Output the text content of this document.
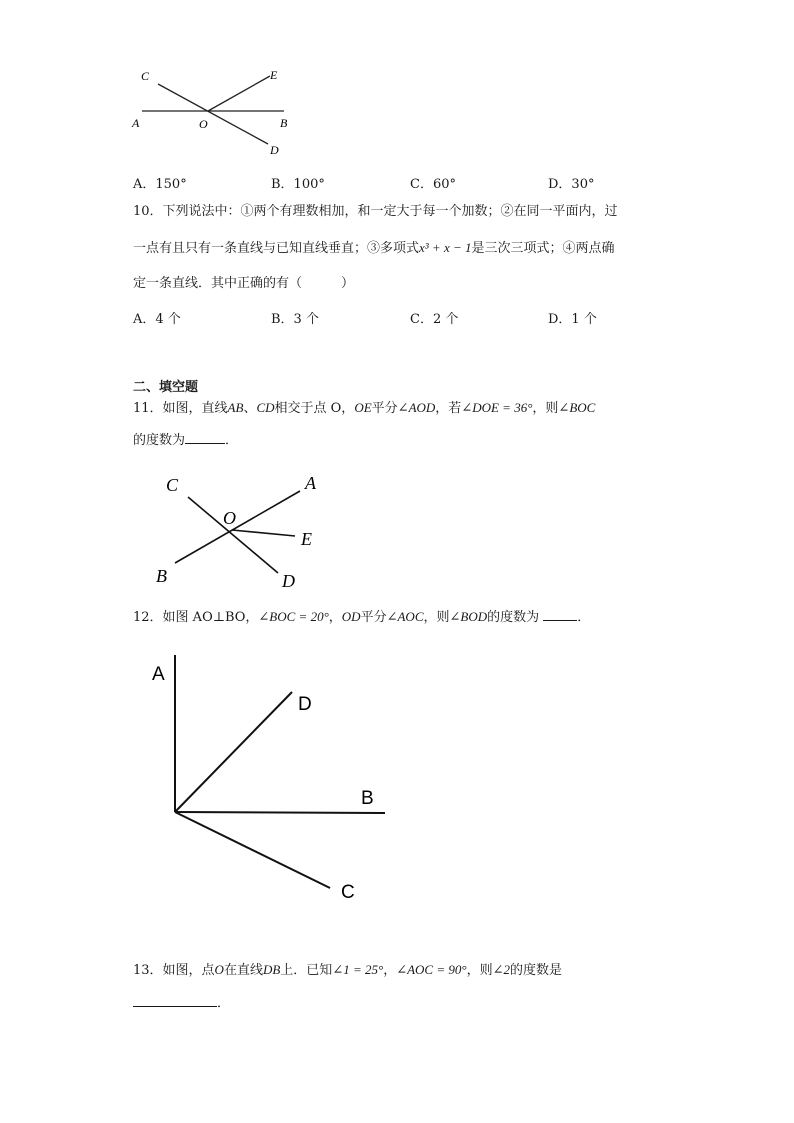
C	E
A	O	B
D
A．150°	B．100°	C．60°	D．30°
10．下列说法中：①两个有理数相加，和一定大于每一个加数；②在同一平面内，过
一点有且只有一条直线与已知直线垂直；③多项式x³ + x − 1是三次三项式；④两点确
定一条直线．其中正确的有（　　　）
A．4 个	B．3 个	C．2 个	D．1 个
二、填空题
11．如图，直线AB、CD相交于点 O，OE平分∠AOD，若∠DOE = 36°，则∠BOC
的度数为	．
C	A
O
E
B	D
12．如图 AO⊥BO，∠BOC = 20°，OD平分∠AOC，则∠BOD的度数为	．
A
D
B
C
13．如图，点O在直线DB上．已知∠1 = 25°，∠AOC = 90°，则∠2的度数是
．
